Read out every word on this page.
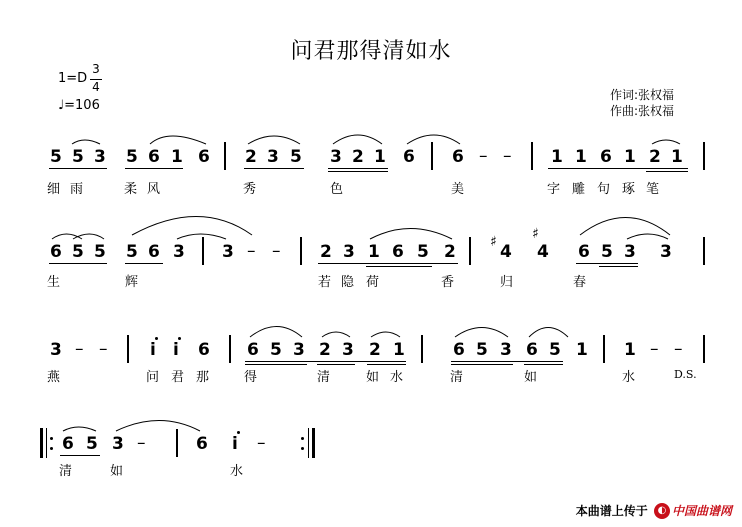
问君那得清如水
1=D
3
4
♩=106
作词:张权福
作曲:张权福
5 5 3 5 6 1 6 2 3 5 3 2 1 6 6 – – 1 1 6 1 2 1
细 雨	柔 风	秀	色	美	字 雕 句 琢 笔
6 5 5 5 6 3 3 – – 2 3 1 6 5 2 ♯ 4
♯
4 6 5 3 3
生	辉	若 隐 荷	香	归	春
3 – –	i i 6 6 5 3 2 3 2 1	6 5 3 6 5 1 1 – –
燕	问 君 那	得	清	如 水	清	如	水	D.S.
6 5 3 –	6 i –
清	如	水
本曲谱上传于 ◐ 中国曲谱网
